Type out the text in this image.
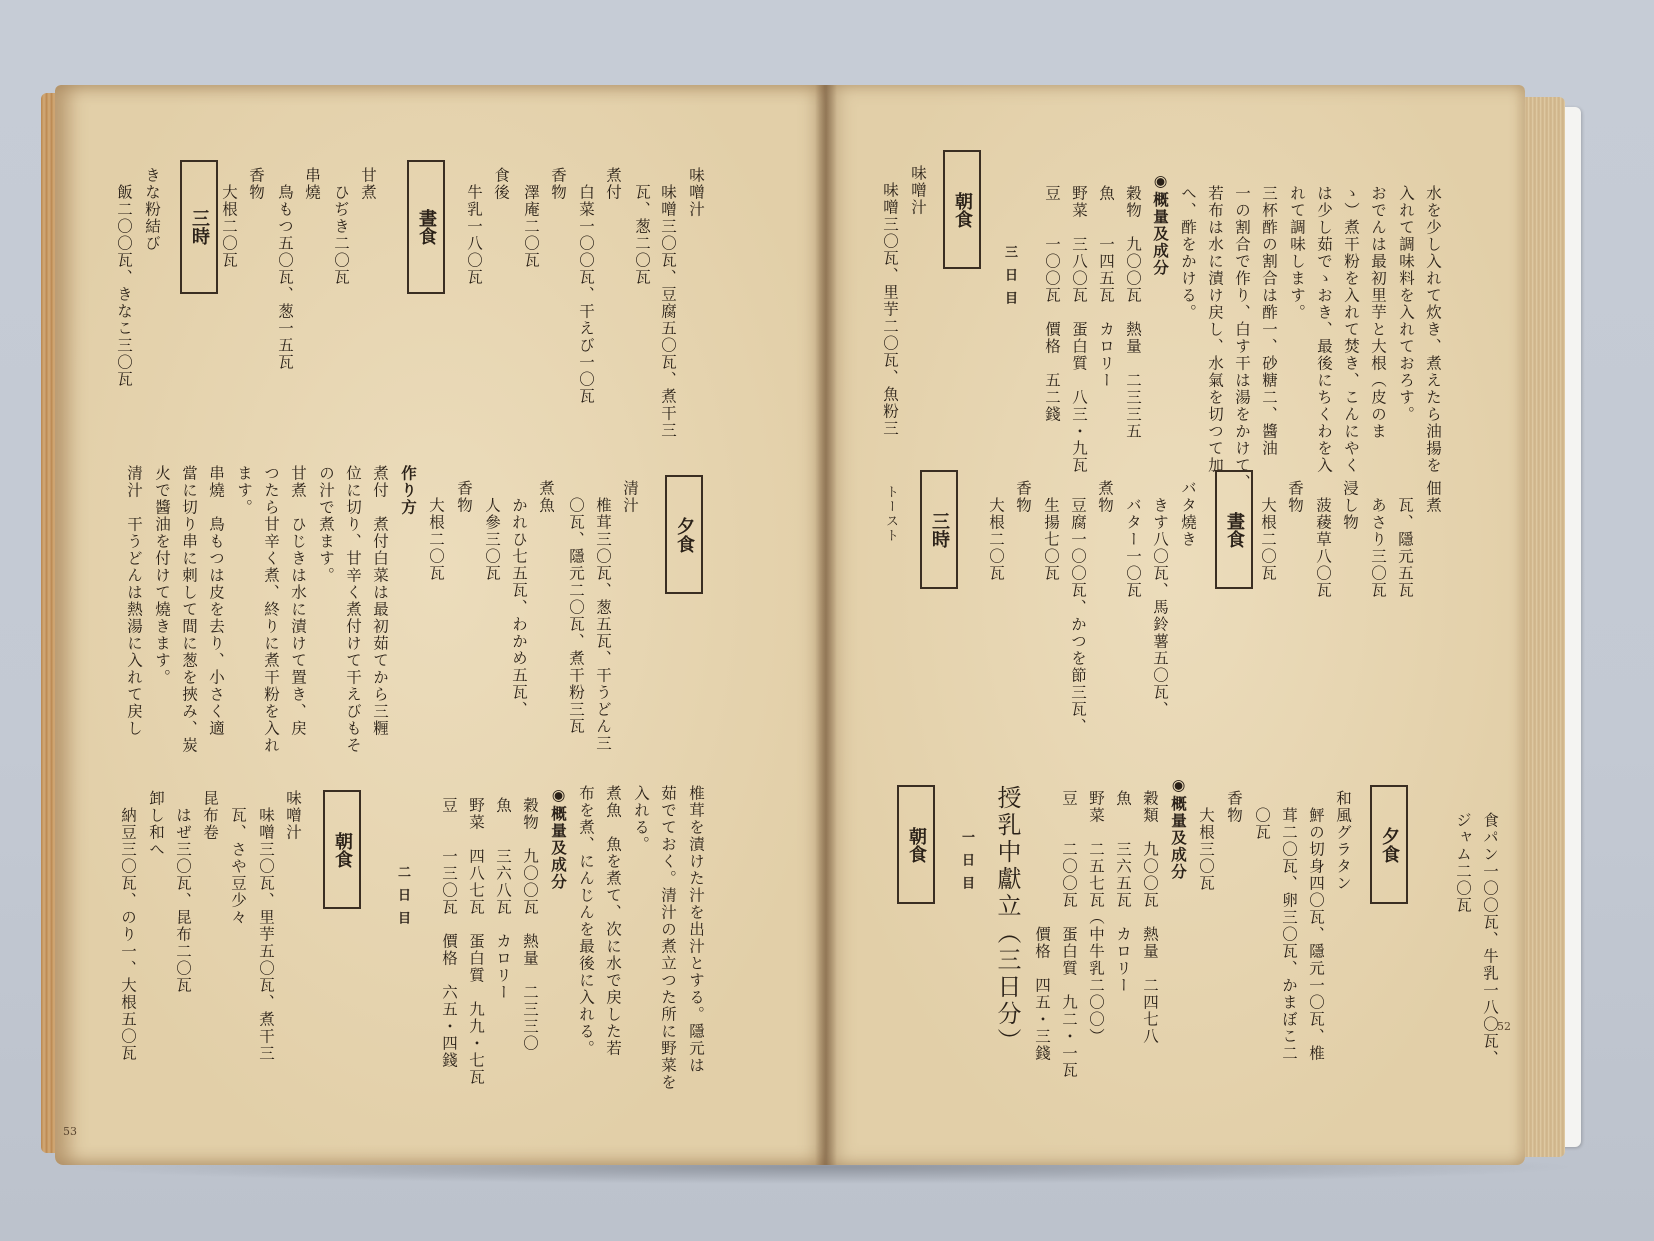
味噌汁
　味噌三〇瓦、豆腐五〇瓦、煮干三
　瓦、葱二〇瓦
煮付
　白菜一〇〇瓦、干えび一〇瓦
香物
　澤庵二〇瓦
食後
　牛乳一八〇瓦
晝食
甘煮
　ひぢき二〇瓦
串燒
　鳥もつ五〇瓦、葱一五瓦
香物
　大根二〇瓦
三時
きな粉結び
　飯二〇〇瓦、きなこ三〇瓦
夕食
清汁
　椎茸三〇瓦、葱五瓦、干うどん三
　〇瓦、隱元二〇瓦、煮干粉三瓦
煮魚
　かれひ七五瓦、わかめ五瓦、
　人參三〇瓦
香物
　大根二〇瓦
作り方
煮付　煮付白菜は最初茹てから三糎
位に切り、甘辛く煮付けて干えびもそ
の汁で煮ます。
甘煮　ひじきは水に漬けて置き、戻
つたら甘辛く煮、終りに煮干粉を入れ
ます。
串燒　鳥もつは皮を去り、小さく適
當に切り串に刺して間に葱を挾み、炭
火で醬油を付けて燒きます。
清汁　干うどんは熱湯に入れて戻し
椎茸を漬けた汁を出汁とする。隱元は
茹でておく。清汁の煮立つた所に野菜を
入れる。
煮魚　魚を煮て、次に水で戻した若
布を煮、にんじんを最後に入れる。
◉概量及成分
穀物　九〇〇瓦　熱量　二三三〇
魚　　三六八瓦　カロリー
野菜　四八七瓦　蛋白質　九九・七瓦
豆　　一三〇瓦　價格　六五・四錢
二日目
朝食
味噌汁
　味噌三〇瓦、里芋五〇瓦、煮干三
　瓦、さや豆少々
昆布卷
　はぜ三〇瓦、昆布二〇瓦
卸し和へ
　納豆三〇瓦、のり一、大根五〇瓦
53
水を少し入れて炊き、煮えたら油揚を
入れて調味料を入れておろす。
おでんは最初里芋と大根（皮のま
ゝ）煮干粉を入れて焚き、こんにやく
は少し茹でゝおき、最後にちくわを入
れて調味します。
三杯酢の割合は酢一、砂糖二、醬油
一の割合で作り、白す干は湯をかけて、
若布は水に漬け戻し、水氣を切つて加
へ、酢をかける。
◉概量及成分
穀物　九〇〇瓦　熱量　二三三五
魚　　一四五瓦　カロリー
野菜　三八〇瓦　蛋白質　八三・九瓦
豆　　一〇〇瓦　價格　五二錢
三日目
朝食
味噌汁
　味噌三〇瓦、里芋二〇瓦、魚粉三
佃煮
　瓦、隱元五瓦
　あさり三〇瓦
浸し物
　菠薐草八〇瓦
香物
　大根二〇瓦
晝食
バタ燒き
　きす八〇瓦、馬鈴薯五〇瓦、
　バター一〇瓦
煮物
　豆腐一〇〇瓦、かつを節三瓦、
　生揚七〇瓦
香物
　大根二〇瓦
三時
トースト
　食パン一〇〇瓦、牛乳一八〇瓦、
　ジャム二〇瓦
夕食
和風グラタン
　鮃の切身四〇瓦、隱元一〇瓦、椎
　茸二〇瓦、卵三〇瓦、かまぼこ二
　〇瓦
香物
　大根三〇瓦
◉概量及成分
穀類　九〇〇瓦　熱量　二四七八
魚　　三六五瓦　カロリー
野菜　二五七瓦（中牛乳二〇〇）
豆　　二〇〇瓦　蛋白質　九二・一瓦
　　　　　　　　價格　四五・三錢
授乳中獻立（三日分）
一日目
朝食
52
